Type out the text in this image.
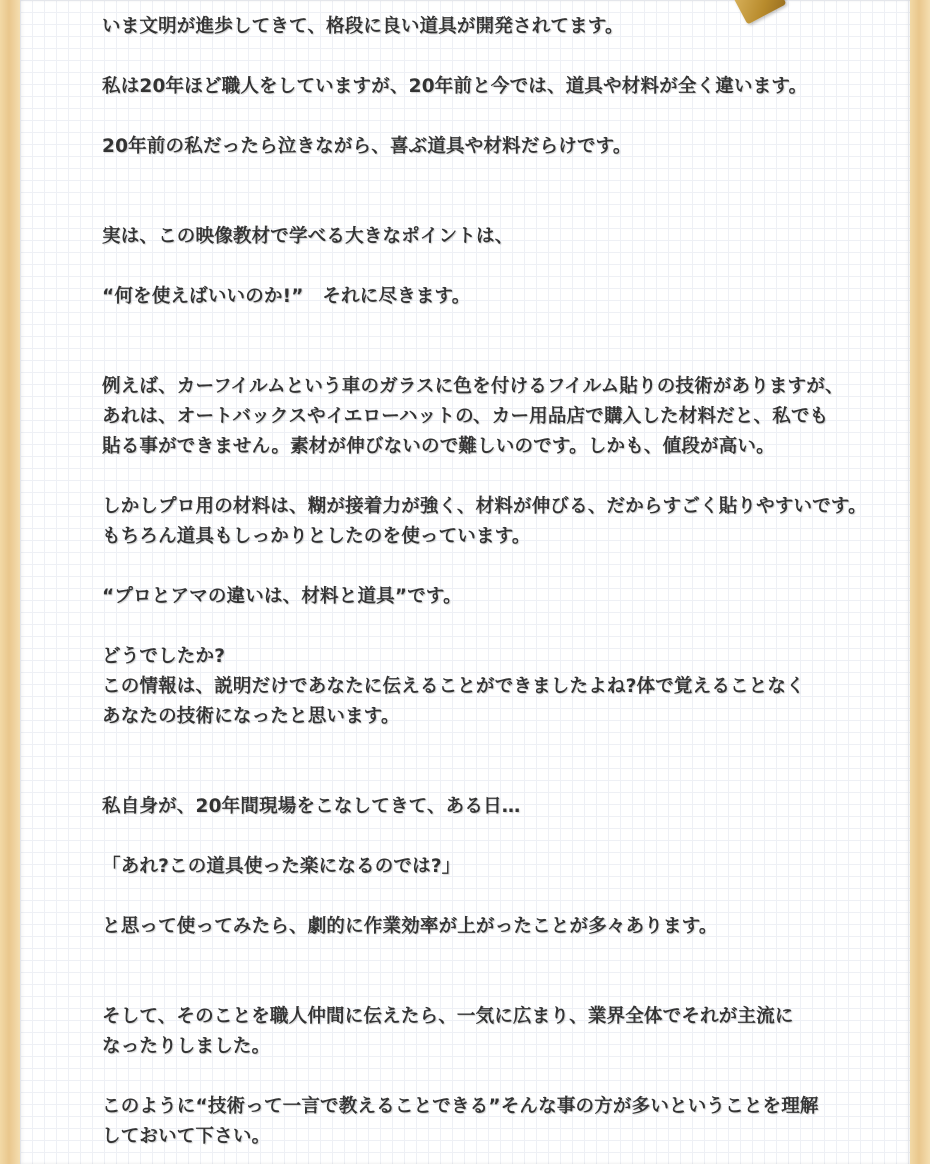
いま文明が進歩してきて、格段に良い道具が開発されてます。
私は20年ほど職人をしていますが、20年前と今では、道具や材料が全く違います。
20年前の私だったら泣きながら、喜ぶ道具や材料だらけです。
実は、この映像教材で学べる大きなポイントは、
“何を使えばいいのか!”　それに尽きます。
例えば、カーフイルムという車のガラスに色を付けるフイルム貼りの技術がありますが、
あれは、オートバックスやイエローハットの、カー用品店で購入した材料だと、私でも
貼る事ができません。素材が伸びないので難しいのです。しかも、値段が高い。
しかしプロ用の材料は、糊が接着力が強く、材料が伸びる、だからすごく貼りやすいです。
もちろん道具もしっかりとしたのを使っています。
“プロとアマの違いは、材料と道具”です。
どうでしたか?
この情報は、説明だけであなたに伝えることができましたよね?体で覚えることなく
あなたの技術になったと思います。
私自身が、20年間現場をこなしてきて、ある日…
「あれ?この道具使った楽になるのでは?」
と思って使ってみたら、劇的に作業効率が上がったことが多々あります。
そして、そのことを職人仲間に伝えたら、一気に広まり、業界全体でそれが主流に
なったりしました。
このように“技術って一言で教えることできる”そんな事の方が多いということを理解
しておいて下さい。
